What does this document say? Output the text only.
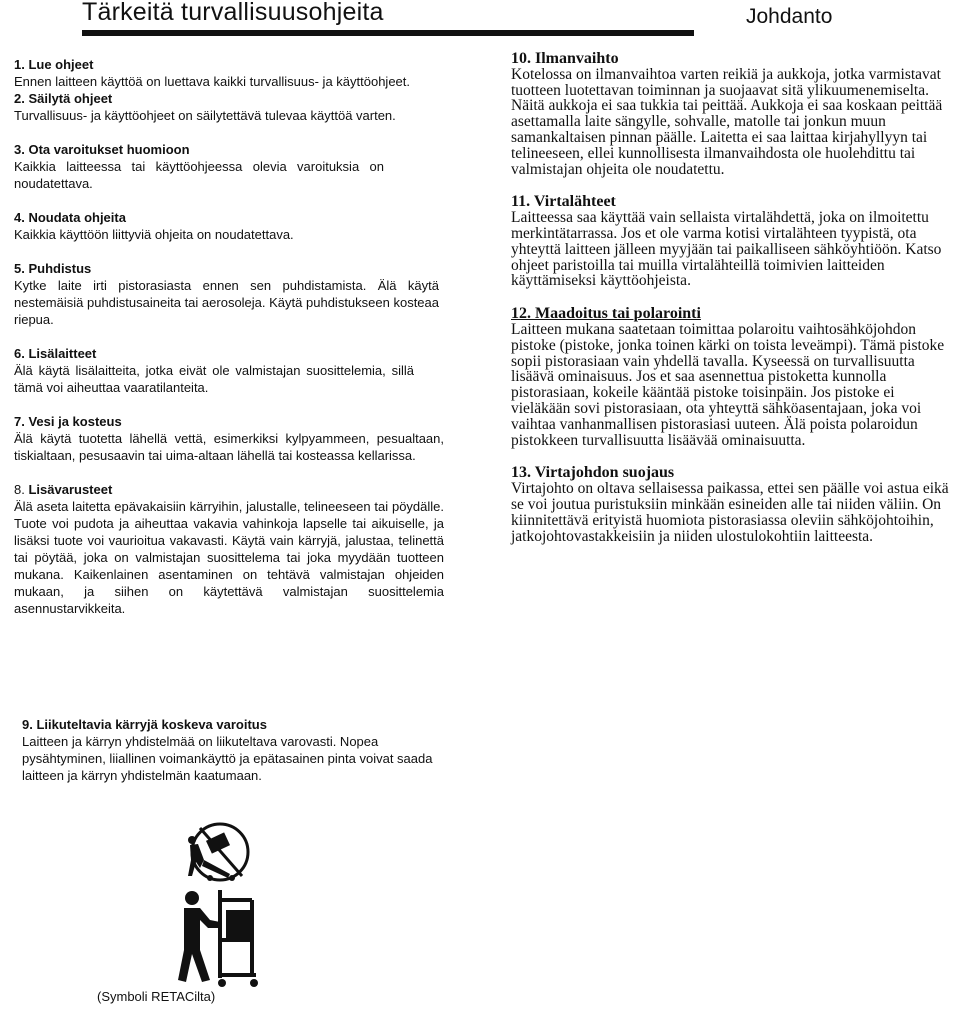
Tärkeitä turvallisuusohjeita	Johdanto
1. Lue ohjeet
Ennen laitteen käyttöä on luettava kaikki turvallisuus- ja käyttöohjeet.
2. Säilytä ohjeet
Turvallisuus- ja käyttöohjeet on säilytettävä tulevaa käyttöä varten.
3. Ota varoitukset huomioon
Kaikkia laitteessa tai käyttöohjeessa olevia varoituksia on noudatettava.
4. Noudata ohjeita
Kaikkia käyttöön liittyviä ohjeita on noudatettava.
5. Puhdistus
Kytke laite irti pistorasiasta ennen sen puhdistamista. Älä käytä nestemäisiä puhdistusaineita tai aerosoleja. Käytä puhdistukseen kosteaa riepua.
6. Lisälaitteet
Älä käytä lisälaitteita, jotka eivät ole valmistajan suosittelemia, sillä tämä voi aiheuttaa vaaratilanteita.
7. Vesi ja kosteus
Älä käytä tuotetta lähellä vettä, esimerkiksi kylpyammeen, pesualtaan, tiskialtaan, pesusaavin tai uima-altaan lähellä tai kosteassa kellarissa.
8. Lisävarusteet
Älä aseta laitetta epävakaisiin kärryihin, jalustalle, telineeseen tai pöydälle. Tuote voi pudota ja aiheuttaa vakavia vahinkoja lapselle tai aikuiselle, ja lisäksi tuote voi vaurioitua vakavasti. Käytä vain kärryjä, jalustaa, telinettä tai pöytää, joka on valmistajan suosittelema tai joka myydään tuotteen mukana. Kaikenlainen asentaminen on tehtävä valmistajan ohjeiden mukaan, ja siihen on käytettävä valmistajan suosittelemia asennustarvikkeita.
9. Liikuteltavia kärryjä koskeva varoitus
Laitteen ja kärryn yhdistelmää on liikuteltava varovasti. Nopea pysähtyminen, liiallinen voimankäyttö ja epätasainen pinta voivat saada laitteen ja kärryn yhdistelmän kaatumaan.
10. Ilmanvaihto
Kotelossa on ilmanvaihtoa varten reikiä ja aukkoja, jotka varmistavat tuotteen luotettavan toiminnan ja suojaavat sitä ylikuumenemiselta. Näitä aukkoja ei saa tukkia tai peittää. Aukkoja ei saa koskaan peittää asettamalla laite sängylle, sohvalle, matolle tai jonkun muun samankaltaisen pinnan päälle. Laitetta ei saa laittaa kirjahyllyyn tai telineeseen, ellei kunnollisesta ilmanvaihdosta ole huolehdittu tai valmistajan ohjeita ole noudatettu.
11. Virtalähteet
Laitteessa saa käyttää vain sellaista virtalähdettä, joka on ilmoitettu merkintätarrassa. Jos et ole varma kotisi virtalähteen tyypistä, ota yhteyttä laitteen jälleen myyjään tai paikalliseen sähköyhtiöön. Katso ohjeet paristoilla tai muilla virtalähteillä toimivien laitteiden käyttämiseksi käyttöohjeista.
12. Maadoitus tai polarointi
Laitteen mukana saatetaan toimittaa polaroitu vaihtosähköjohdon pistoke (pistoke, jonka toinen kärki on toista leveämpi). Tämä pistoke sopii pistorasiaan vain yhdellä tavalla. Kyseessä on turvallisuutta lisäävä ominaisuus. Jos et saa asennettua pistoketta kunnolla pistorasiaan, kokeile kääntää pistoke toisinpäin. Jos pistoke ei vieläkään sovi pistorasiaan, ota yhteyttä sähköasentajaan, joka voi vaihtaa vanhanmallisen pistorasiasi uuteen. Älä poista polaroidun pistokkeen turvallisuutta lisäävää ominaisuutta.
13. Virtajohdon suojaus
Virtajohto on oltava sellaisessa paikassa, ettei sen päälle voi astua eikä se voi joutua puristuksiin minkään esineiden alle tai niiden väliin. On kiinnitettävä erityistä huomiota pistorasiassa oleviin sähköjohtoihin, jatkojohtovastakkeisiin ja niiden ulostulokohtiin laitteesta.
(Symboli RETACilta)
